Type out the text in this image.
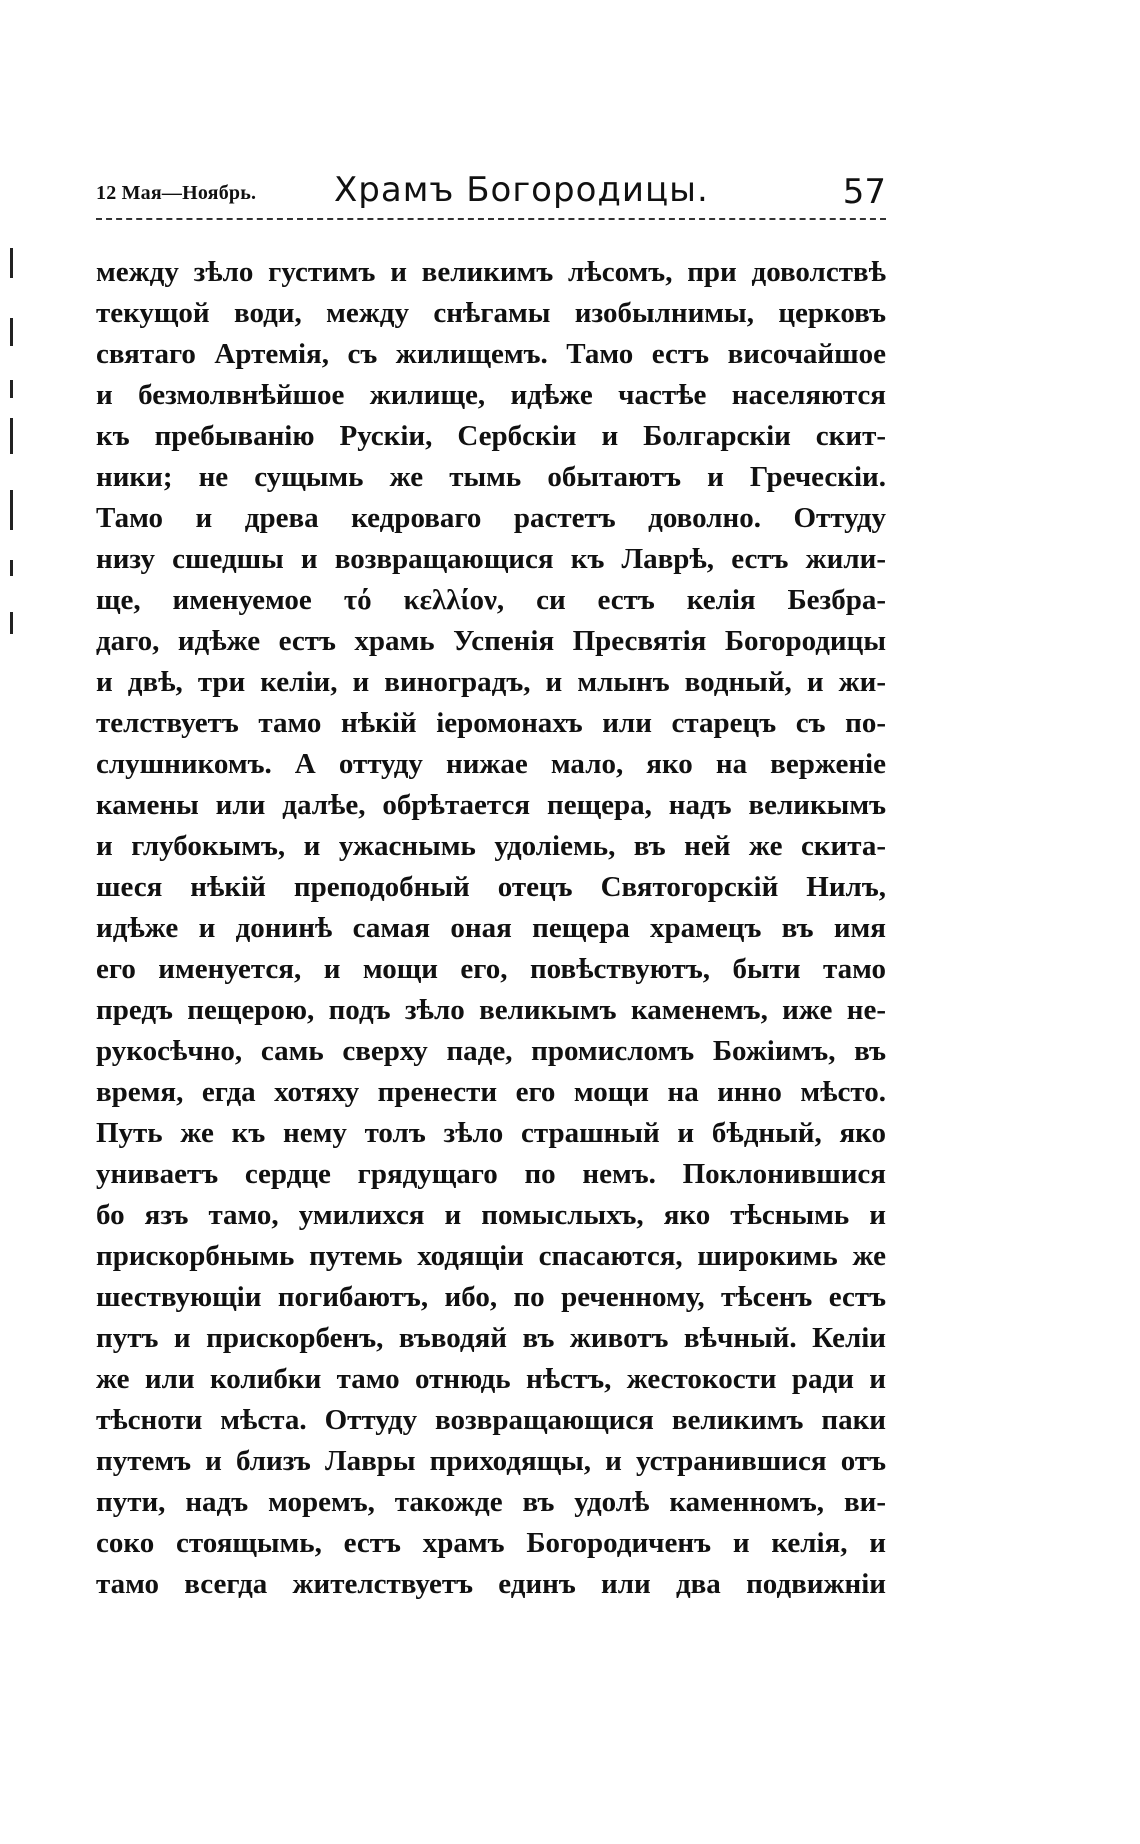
12 Мая—Ноябрь. Храмъ Богородицы.	57
между зѣло густимъ и великимъ лѣсомъ, при доволствѣ
текущой води, между снѣгамы изобылнимы, церковъ
святаго Артемія, съ жилищемъ. Тамо естъ височайшое
и безмолвнѣйшое жилище, идѣже частѣе населяются
къ пребыванію Рускіи, Сербскіи и Болгарскіи скит-
ники; не сущымь же тымь обытаютъ и Греческіи.
Тамо и древа кедроваго растетъ доволно. Оттуду
низу сшедшы и возвращающися къ Лаврѣ, естъ жили-
ще, именуемое τό κελλίον, си естъ келія Безбра-
даго, идѣже естъ храмь Успенія Пресвятія Богородицы
и двѣ, три келіи, и виноградъ, и млынъ водный, и жи-
телствуетъ тамо нѣкій іеромонахъ или старецъ съ по-
слушникомъ. А оттуду нижае мало, яко на верженіе
камены или далѣе, обрѣтается пещера, надъ великымъ
и глубокымъ, и ужаснымь удоліемь, въ ней же скита-
шеся нѣкій преподобный отецъ Святогорскій Нилъ,
идѣже и донинѣ самая оная пещера храмецъ въ имя
его именуется, и мощи его, повѣствуютъ, быти тамо
предъ пещерою, подъ зѣло великымъ каменемъ, иже не-
рукосѣчно, самь сверху паде, промисломъ Божіимъ, въ
время, егда хотяху пренести его мощи на инно мѣсто.
Путь же къ нему толъ зѣло страшный и бѣдный, яко
униваетъ сердце грядущаго по немъ. Поклонившися
бо язъ тамо, умилихся и помыслыхъ, яко тѣснымь и
прискорбнымь путемь ходящіи спасаются, широкимь же
шествующіи погибаютъ, ибо, по реченному, тѣсенъ естъ
путъ и прискорбенъ, въводяй въ животъ вѣчный. Келіи
же или колибки тамо отнюдь нѣстъ, жестокости ради и
тѣсноти мѣста. Оттуду возвращающися великимъ паки
путемъ и близъ Лавры приходящы, и устранившися отъ
пути, надъ моремъ, такожде въ удолѣ каменномъ, ви-
соко стоящымь, естъ храмъ Богородиченъ и келія, и
тамо всегда жителствуетъ единъ или два подвижніи
